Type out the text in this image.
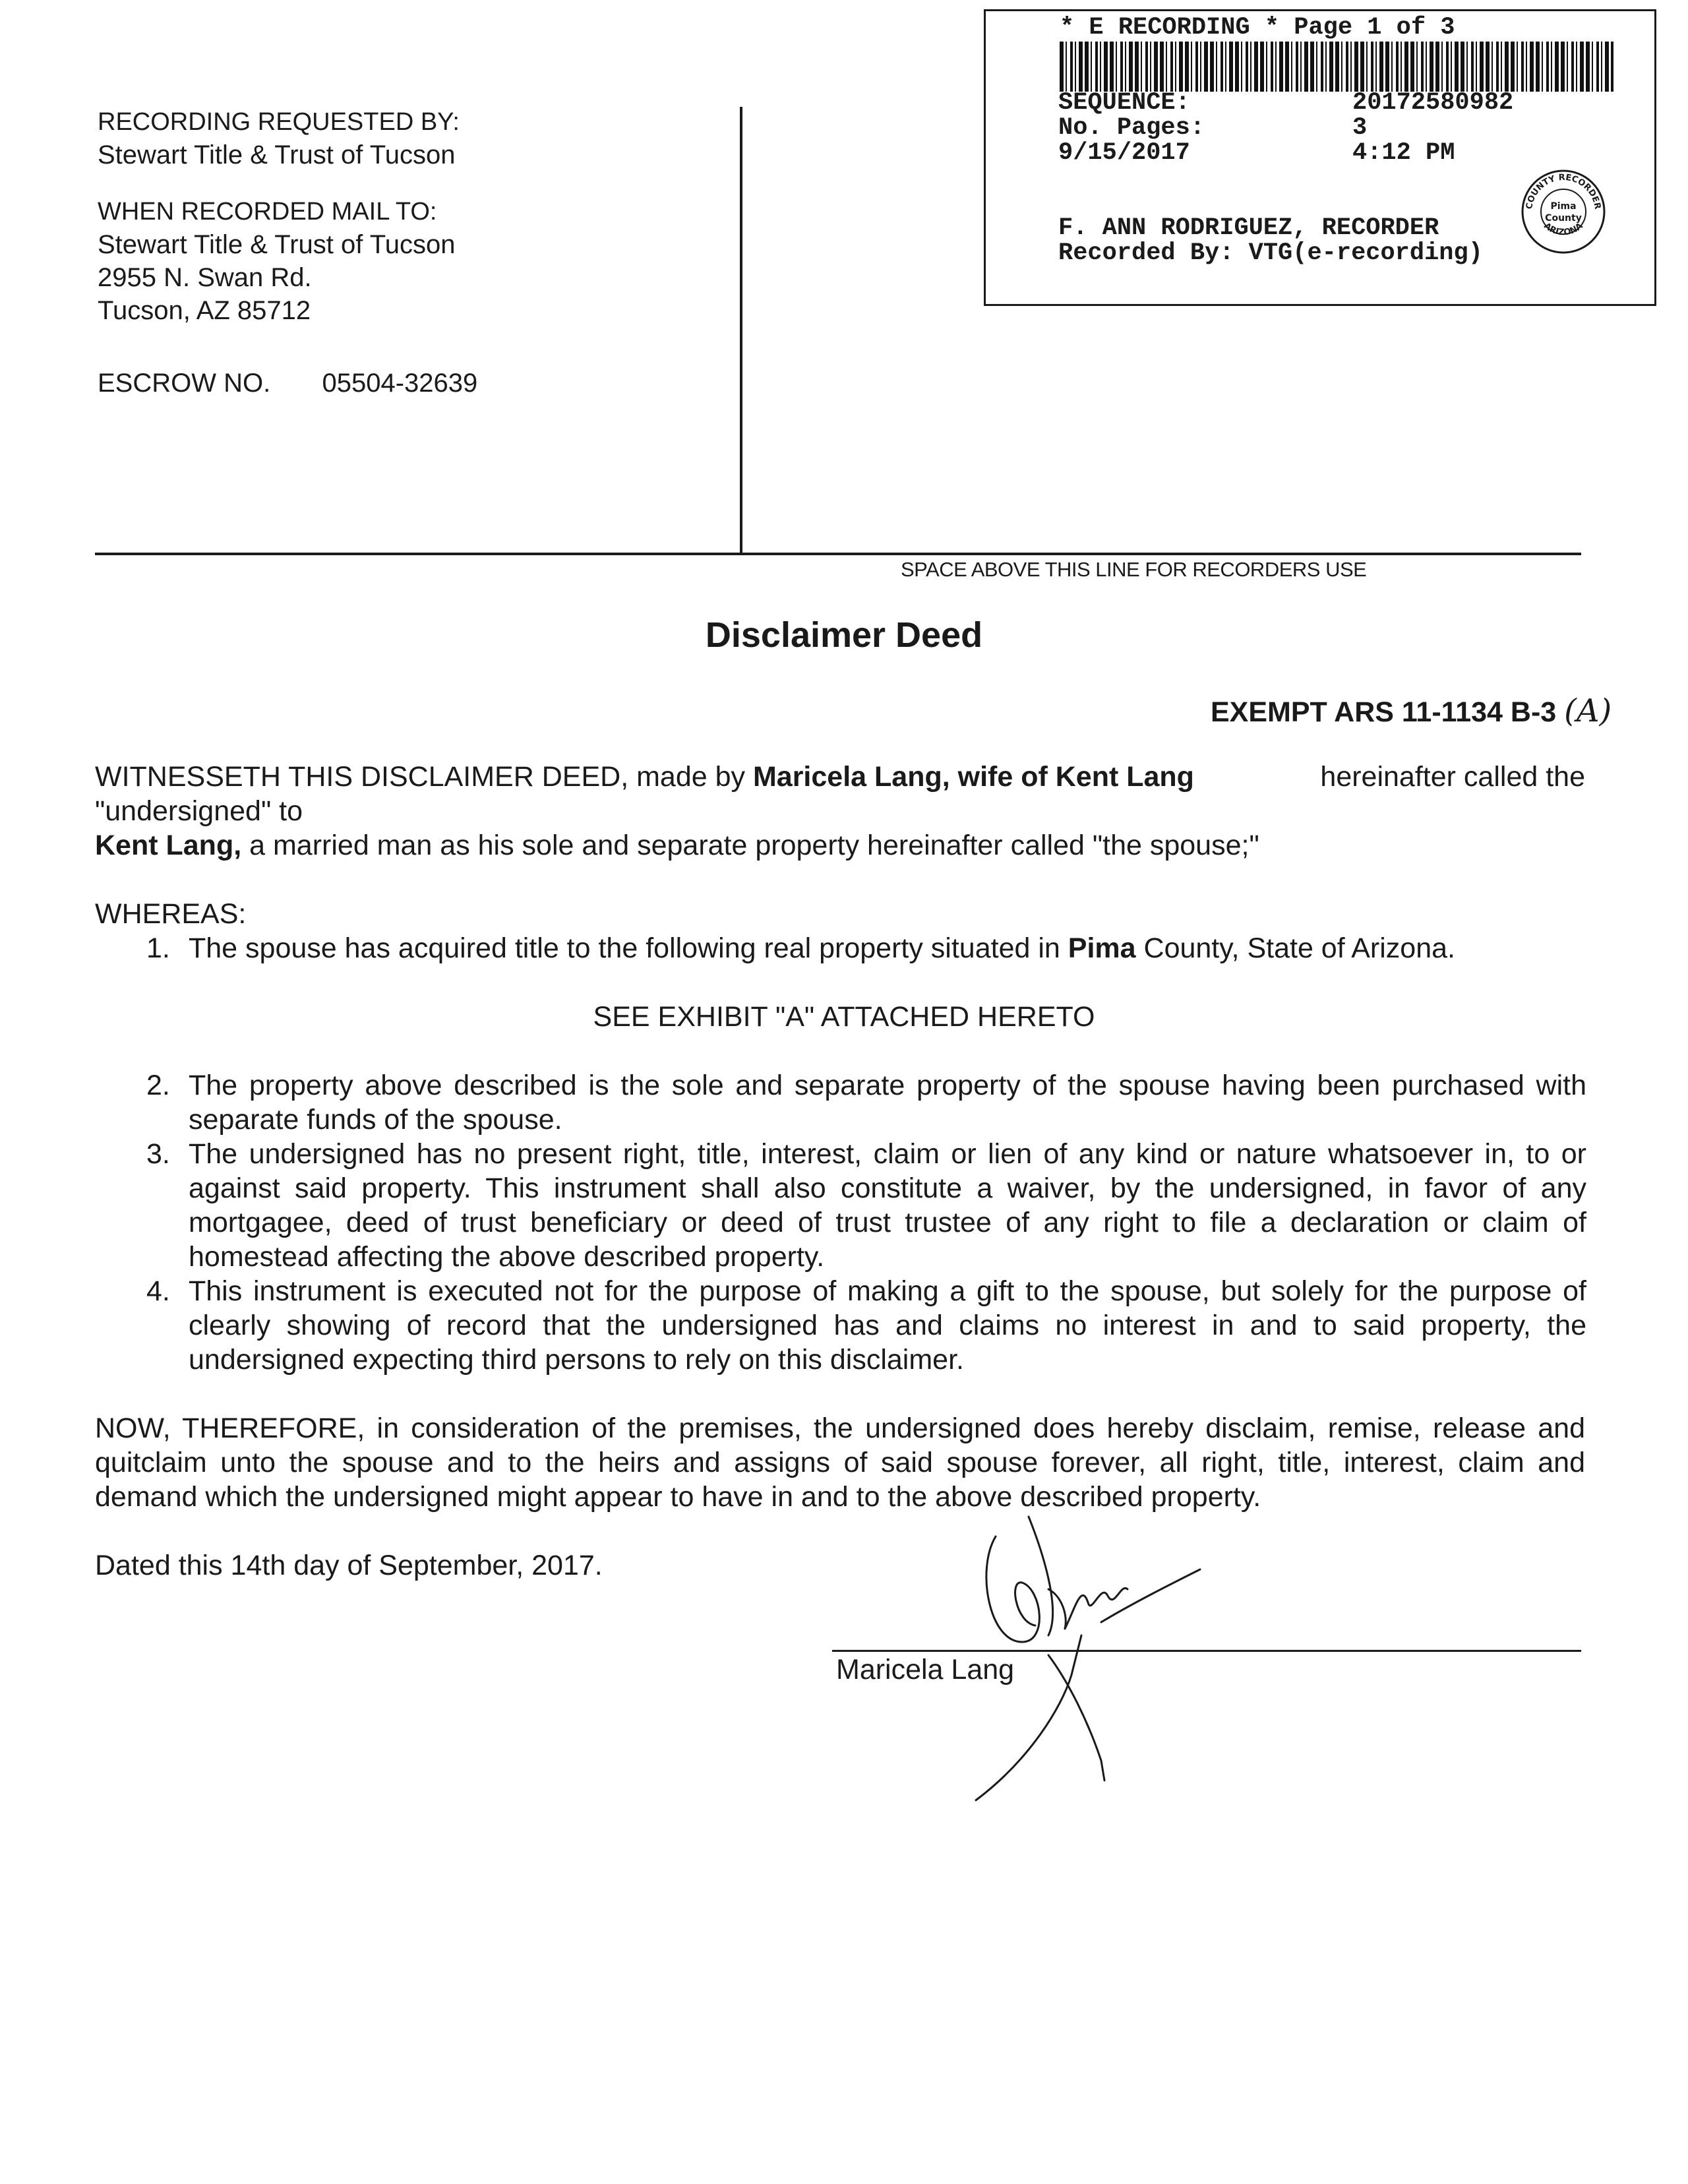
RECORDING REQUESTED BY:
Stewart Title & Trust of Tucson
WHEN RECORDED MAIL TO:
Stewart Title & Trust of Tucson
2955 N. Swan Rd.
Tucson, AZ 85712
ESCROW NO. 05504-32639
* E RECORDING * Page 1 of 3
SEQUENCE:	20172580982
No. Pages:	3
9/15/2017	4:12 PM
F. ANN RODRIGUEZ, RECORDER
Recorded By: VTG(e-recording)
COUNTY RECORDER
ARIZONA
Pima
County
SPACE ABOVE THIS LINE FOR RECORDERS USE
Disclaimer Deed
EXEMPT ARS 11-1134 B-3 (A)
WITNESSETH THIS DISCLAIMER DEED, made by Maricela Lang, wife of Kent Lang	hereinafter called the
"undersigned" to
Kent Lang, a married man as his sole and separate property hereinafter called "the spouse;"
WHEREAS:
1. The spouse has acquired title to the following real property situated in Pima County, State of Arizona.
SEE EXHIBIT "A" ATTACHED HERETO
2. The property above described is the sole and separate property of the spouse having been purchased with separate funds of the spouse.
3. The undersigned has no present right, title, interest, claim or lien of any kind or nature whatsoever in, to or against said property. This instrument shall also constitute a waiver, by the undersigned, in favor of any mortgagee, deed of trust beneficiary or deed of trust trustee of any right to file a declaration or claim of homestead affecting the above described property.
4. This instrument is executed not for the purpose of making a gift to the spouse, but solely for the purpose of clearly showing of record that the undersigned has and claims no interest in and to said property, the undersigned expecting third persons to rely on this disclaimer.
NOW, THEREFORE, in consideration of the premises, the undersigned does hereby disclaim, remise, release and quitclaim unto the spouse and to the heirs and assigns of said spouse forever, all right, title, interest, claim and demand which the undersigned might appear to have in and to the above described property.
Dated this 14th day of September, 2017.
Maricela Lang
